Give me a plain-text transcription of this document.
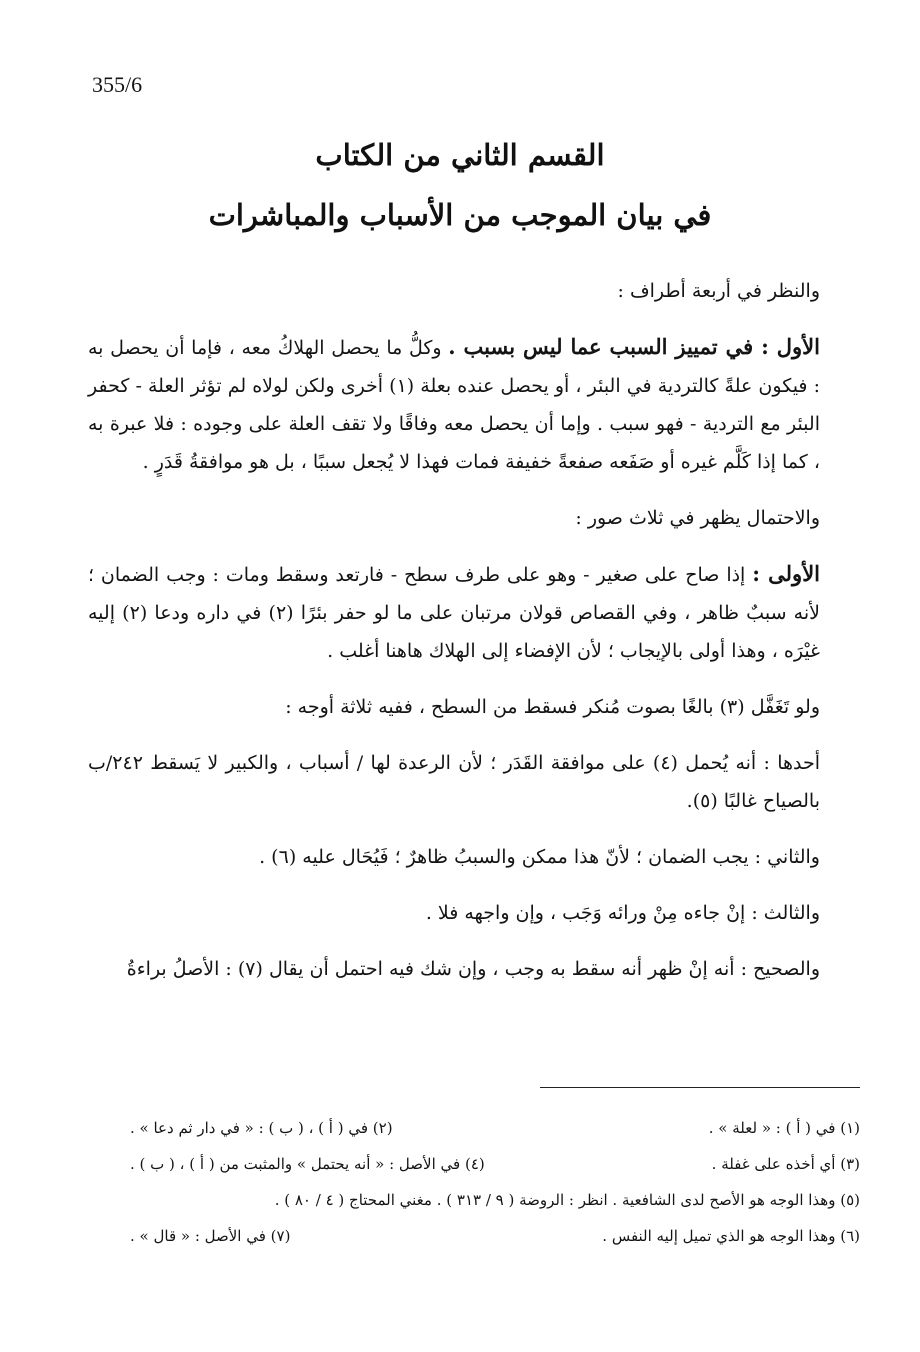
355/6
القسم الثاني من الكتاب
في بيان الموجب من الأسباب والمباشرات

والنظر في أربعة أطراف :

الأول : في تمييز السبب عما ليس بسبب . وكلُّ ما يحصل الهلاكُ معه ، فإما أن يحصل به : فيكون علةً كالتردية في البئر ، أو يحصل عنده بعلة (١) أخرى ولكن لولاه لم تؤثر العلة - كحفر البئر مع التردية - فهو سبب . وإما أن يحصل معه وفاقًا ولا تقف العلة على وجوده : فلا عبرة به ، كما إذا كَلَّم غيره أو صَفَعه صفعةً خفيفة فمات فهذا لا يُجعل سببًا ، بل هو موافقةُ قَدَرٍ .

والاحتمال يظهر في ثلاث صور :

الأولى : إذا صاح على صغير - وهو على طرف سطح - فارتعد وسقط ومات : وجب الضمان ؛ لأنه سببٌ ظاهر ، وفي القصاص قولان مرتبان على ما لو حفر بئرًا (٢) في داره ودعا (٢) إليه غيْرَه ، وهذا أولى بالإيجاب ؛ لأن الإفضاء إلى الهلاك هاهنا أغلب .

ولو تَغَفَّل (٣) بالغًا بصوت مُنكر فسقط من السطح ، ففيه ثلاثة أوجه :

أحدها : أنه يُحمل (٤) على موافقة القَدَر ؛ لأن الرعدة لها / أسباب ، والكبير لا يَسقط ٢٤٢/ب بالصياح غالبًا (٥).

والثاني : يجب الضمان ؛ لأنّ هذا ممكن والسببُ ظاهرٌ ؛ فَيُحَال عليه (٦) .

والثالث : إنْ جاءه مِنْ ورائه وَجَب ، وإن واجهه فلا .

والصحيح : أنه إنْ ظهر أنه سقط به وجب ، وإن شك فيه احتمل أن يقال (٧) : الأصلُ براءةُ

(١) في ( أ ) : « لعلة » .
(٢) في ( أ ) ، ( ب ) : « في دار ثم دعا » .
(٣) أي أخذه على غفلة .
(٤) في الأصل : « أنه يحتمل » والمثبت من ( أ ) ، ( ب ) .
(٥) وهذا الوجه هو الأصح لدى الشافعية . انظر : الروضة ( ٩ / ٣١٣ ) . مغني المحتاج ( ٤ / ٨٠ ) .
(٦) وهذا الوجه هو الذي تميل إليه النفس .
(٧) في الأصل : « قال » .
